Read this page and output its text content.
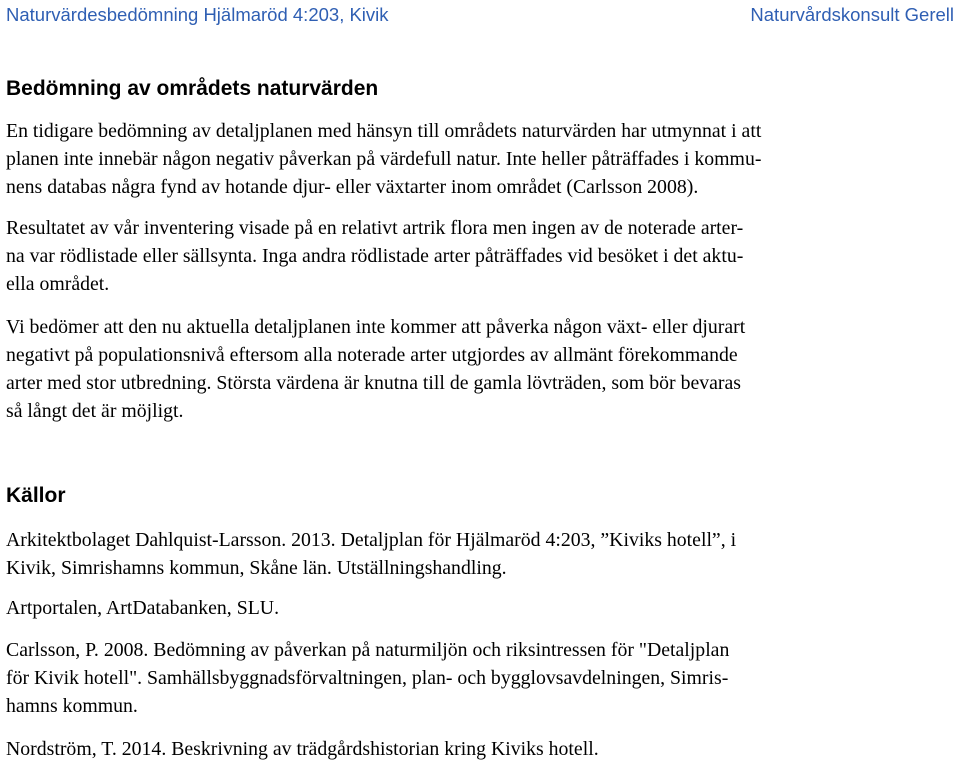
Naturvärdesbedömning Hjälmaröd 4:203, Kivik	Naturvårdskonsult Gerell
Bedömning av områdets naturvärden

En tidigare bedömning av detaljplanen med hänsyn till områdets naturvärden har utmynnat i att
planen inte innebär någon negativ påverkan på värdefull natur. Inte heller påträffades i kommu-
nens databas några fynd av hotande djur- eller växtarter inom området (Carlsson 2008).

Resultatet av vår inventering visade på en relativt artrik flora men ingen av de noterade arter-
na var rödlistade eller sällsynta. Inga andra rödlistade arter påträffades vid besöket i det aktu-
ella området.

Vi bedömer att den nu aktuella detaljplanen inte kommer att påverka någon växt- eller djurart
negativt på populationsnivå eftersom alla noterade arter utgjordes av allmänt förekommande
arter med stor utbredning. Största värdena är knutna till de gamla lövträden, som bör bevaras
så långt det är möjligt.

Källor

Arkitektbolaget Dahlquist-Larsson. 2013. Detaljplan för Hjälmaröd 4:203, ”Kiviks hotell”, i
Kivik, Simrishamns kommun, Skåne län. Utställningshandling.

Artportalen, ArtDatabanken, SLU.

Carlsson, P. 2008. Bedömning av påverkan på naturmiljön och riksintressen för "Detaljplan
för Kivik hotell". Samhällsbyggnadsförvaltningen, plan- och bygglovsavdelningen, Simris-
hamns kommun.

Nordström, T. 2014. Beskrivning av trädgårdshistorian kring Kiviks hotell.
